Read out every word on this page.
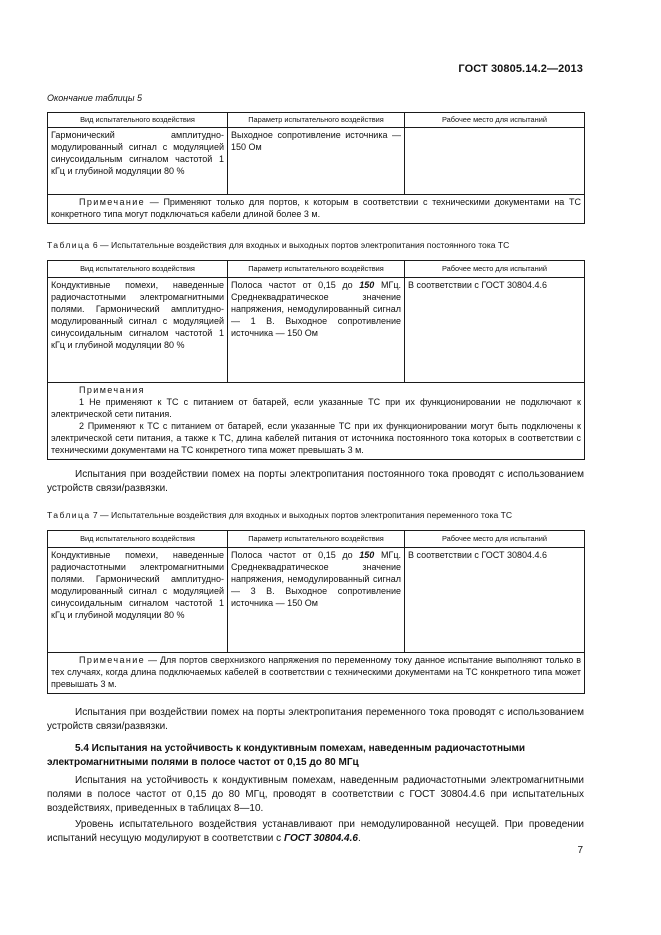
ГОСТ 30805.14.2—2013
Окончание таблицы 5
Вид испытательного воздействия	Параметр испытательного воздействия	Рабочее место для испытаний
Гармонический амплитудно-модулированный сигнал с модуляцией синусоидальным сигналом частотой 1 кГц и глубиной модуляции 80 %	Выходное сопротивление источника — 150 Ом	
Примечание — Применяют только для портов, к которым в соответствии с техническими документами на ТС конкретного типа могут подключаться кабели длиной более 3 м.		
Таблица 6 — Испытательные воздействия для входных и выходных портов электропитания постоянного тока ТС
Вид испытательного воздействия	Параметр испытательного воздействия	Рабочее место для испытаний
Кондуктивные помехи, наведенные радиочастотными электромагнитными полями. Гармонический амплитудно-модулированный сигнал с модуляцией синусоидальным сигналом частотой 1 кГц и глубиной модуляции 80 %	Полоса частот от 0,15 до 150 МГц. Среднеквадратическое значение напряжения, немодулированный сигнал — 1 В. Выходное сопротивление источника — 150 Ом	В соответствии с ГОСТ 30804.4.6

Примечания
1 Не применяют к ТС с питанием от батарей, если указанные ТС при их функционировании не подключают к электрической сети питания.
2 Применяют к ТС с питанием от батарей, если указанные ТС при их функционировании могут быть подключены к электрической сети питания, а также к ТС, длина кабелей питания от источника постоянного тока которых в соответствии с техническими документами на ТС конкретного типа может превышать 3 м.		
Испытания при воздействии помех на порты электропитания постоянного тока проводят с использованием устройств связи/развязки.
Таблица 7 — Испытательные воздействия для входных и выходных портов электропитания переменного тока ТС
Вид испытательного воздействия	Параметр испытательного воздействия	Рабочее место для испытаний
Кондуктивные помехи, наведенные радиочастотными электромагнитными полями. Гармонический амплитудно-модулированный сигнал с модуляцией синусоидальным сигналом частотой 1 кГц и глубиной модуляции 80 %	Полоса частот от 0,15 до 150 МГц. Среднеквадратическое значение напряжения, немодулированный сигнал — 3 В. Выходное сопротивление источника — 150 Ом	В соответствии с ГОСТ 30804.4.6
Примечание — Для портов сверхнизкого напряжения по переменному току данное испытание выполняют только в тех случаях, когда длина подключаемых кабелей в соответствии с техническими документами на ТС конкретного типа может превышать 3 м.		
Испытания при воздействии помех на порты электропитания переменного тока проводят с использованием устройств связи/развязки.
5.4 Испытания на устойчивость к кондуктивным помехам, наведенным радиочастотными электромагнитными полями в полосе частот от 0,15 до 80 МГц
Испытания на устойчивость к кондуктивным помехам, наведенным радиочастотными электромагнитными полями в полосе частот от 0,15 до 80 МГц, проводят в соответствии с ГОСТ 30804.4.6 при испытательных воздействиях, приведенных в таблицах 8—10.
Уровень испытательного воздействия устанавливают при немодулированной несущей. При проведении испытаний несущую модулируют в соответствии с ГОСТ 30804.4.6.
7
